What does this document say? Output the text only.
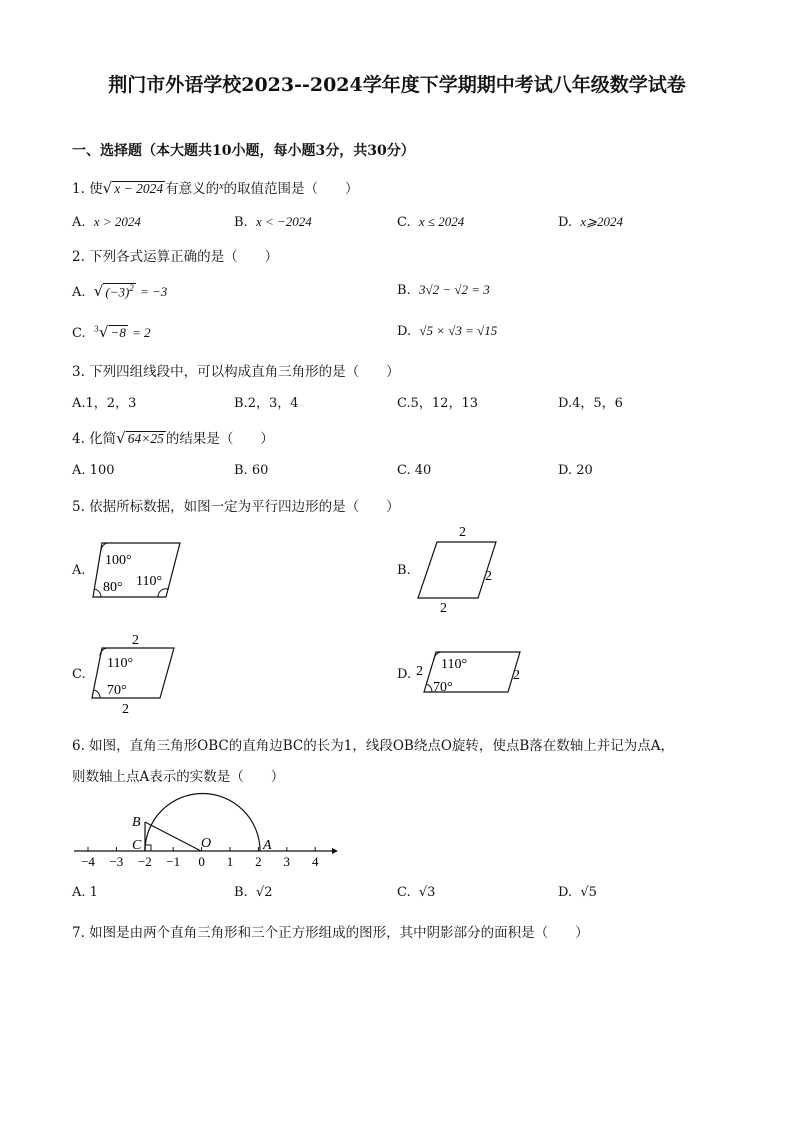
荆门市外语学校2023--2024学年度下学期期中考试八年级数学试卷
一、选择题（本大题共10小题，每小题3分，共30分）
1. 使√ x − 2024 有意义的$^x$的取值范围是（　　）
A. x > 2024	B. x < −2024	C. x ≤ 2024	D. x⩾2024
2. 下列各式运算正确的是（　　）
A. √ $(-3)^2 = -3$	B. 3√2 − √2 = 3
C. $^3$√ −8 = 2	D. √5 × √3 = √15
3. 下列四组线段中，可以构成直角三角形的是（　　）
A.1，2，3	B.2，3，4	C.5，12，13	D.4，5，6
4. 化简√ 64×25 的结果是（　　）
A. 100	B. 60	C. 40	D. 20
5. 依据所标数据，如图一定为平行四边形的是（　　）
A.
100°
80° 110°
B.
2
2
2
C.
2
110°
70°
2
D. 2 110°
70°
2
6. 如图，直角三角形OBC的直角边BC的长为1，线段OB绕点O旋转，使点B落在数轴上并记为点A，
则数轴上点A表示的实数是（　　）
−4 −3 −2 −1 0 1 2 3 4
B
C	O	A
A. 1	B. √2	C. √3	D. √5
7. 如图是由两个直角三角形和三个正方形组成的图形，其中阴影部分的面积是（　　）
